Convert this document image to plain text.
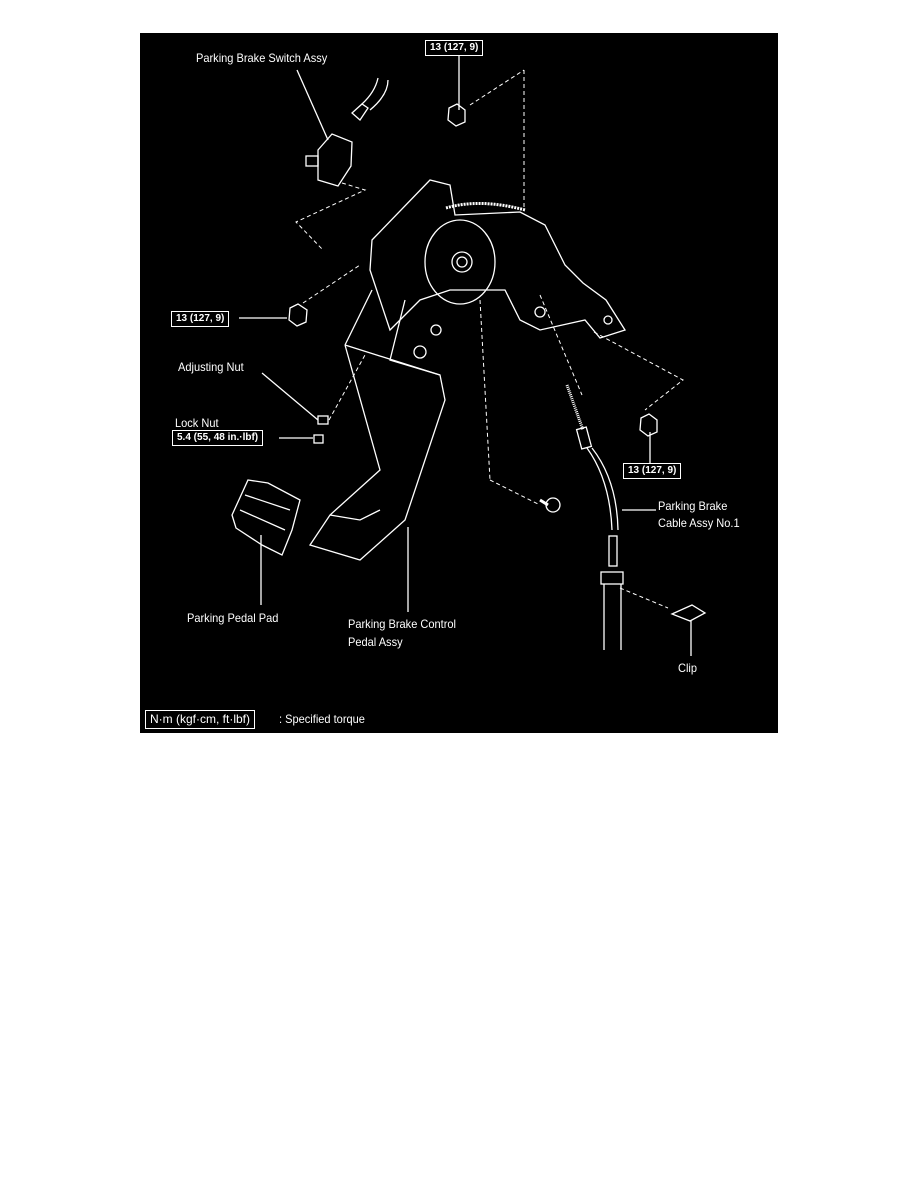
Parking Brake Switch Assy
13 (127, 9)
13 (127, 9)
Adjusting Nut
Lock Nut
5.4 (55, 48 in.·lbf)
13 (127, 9)
Parking Brake
Cable Assy No.1
Parking Pedal Pad	Parking Brake Control
Pedal Assy
Clip
N·m (kgf·cm, ft·lbf)	: Specified torque
